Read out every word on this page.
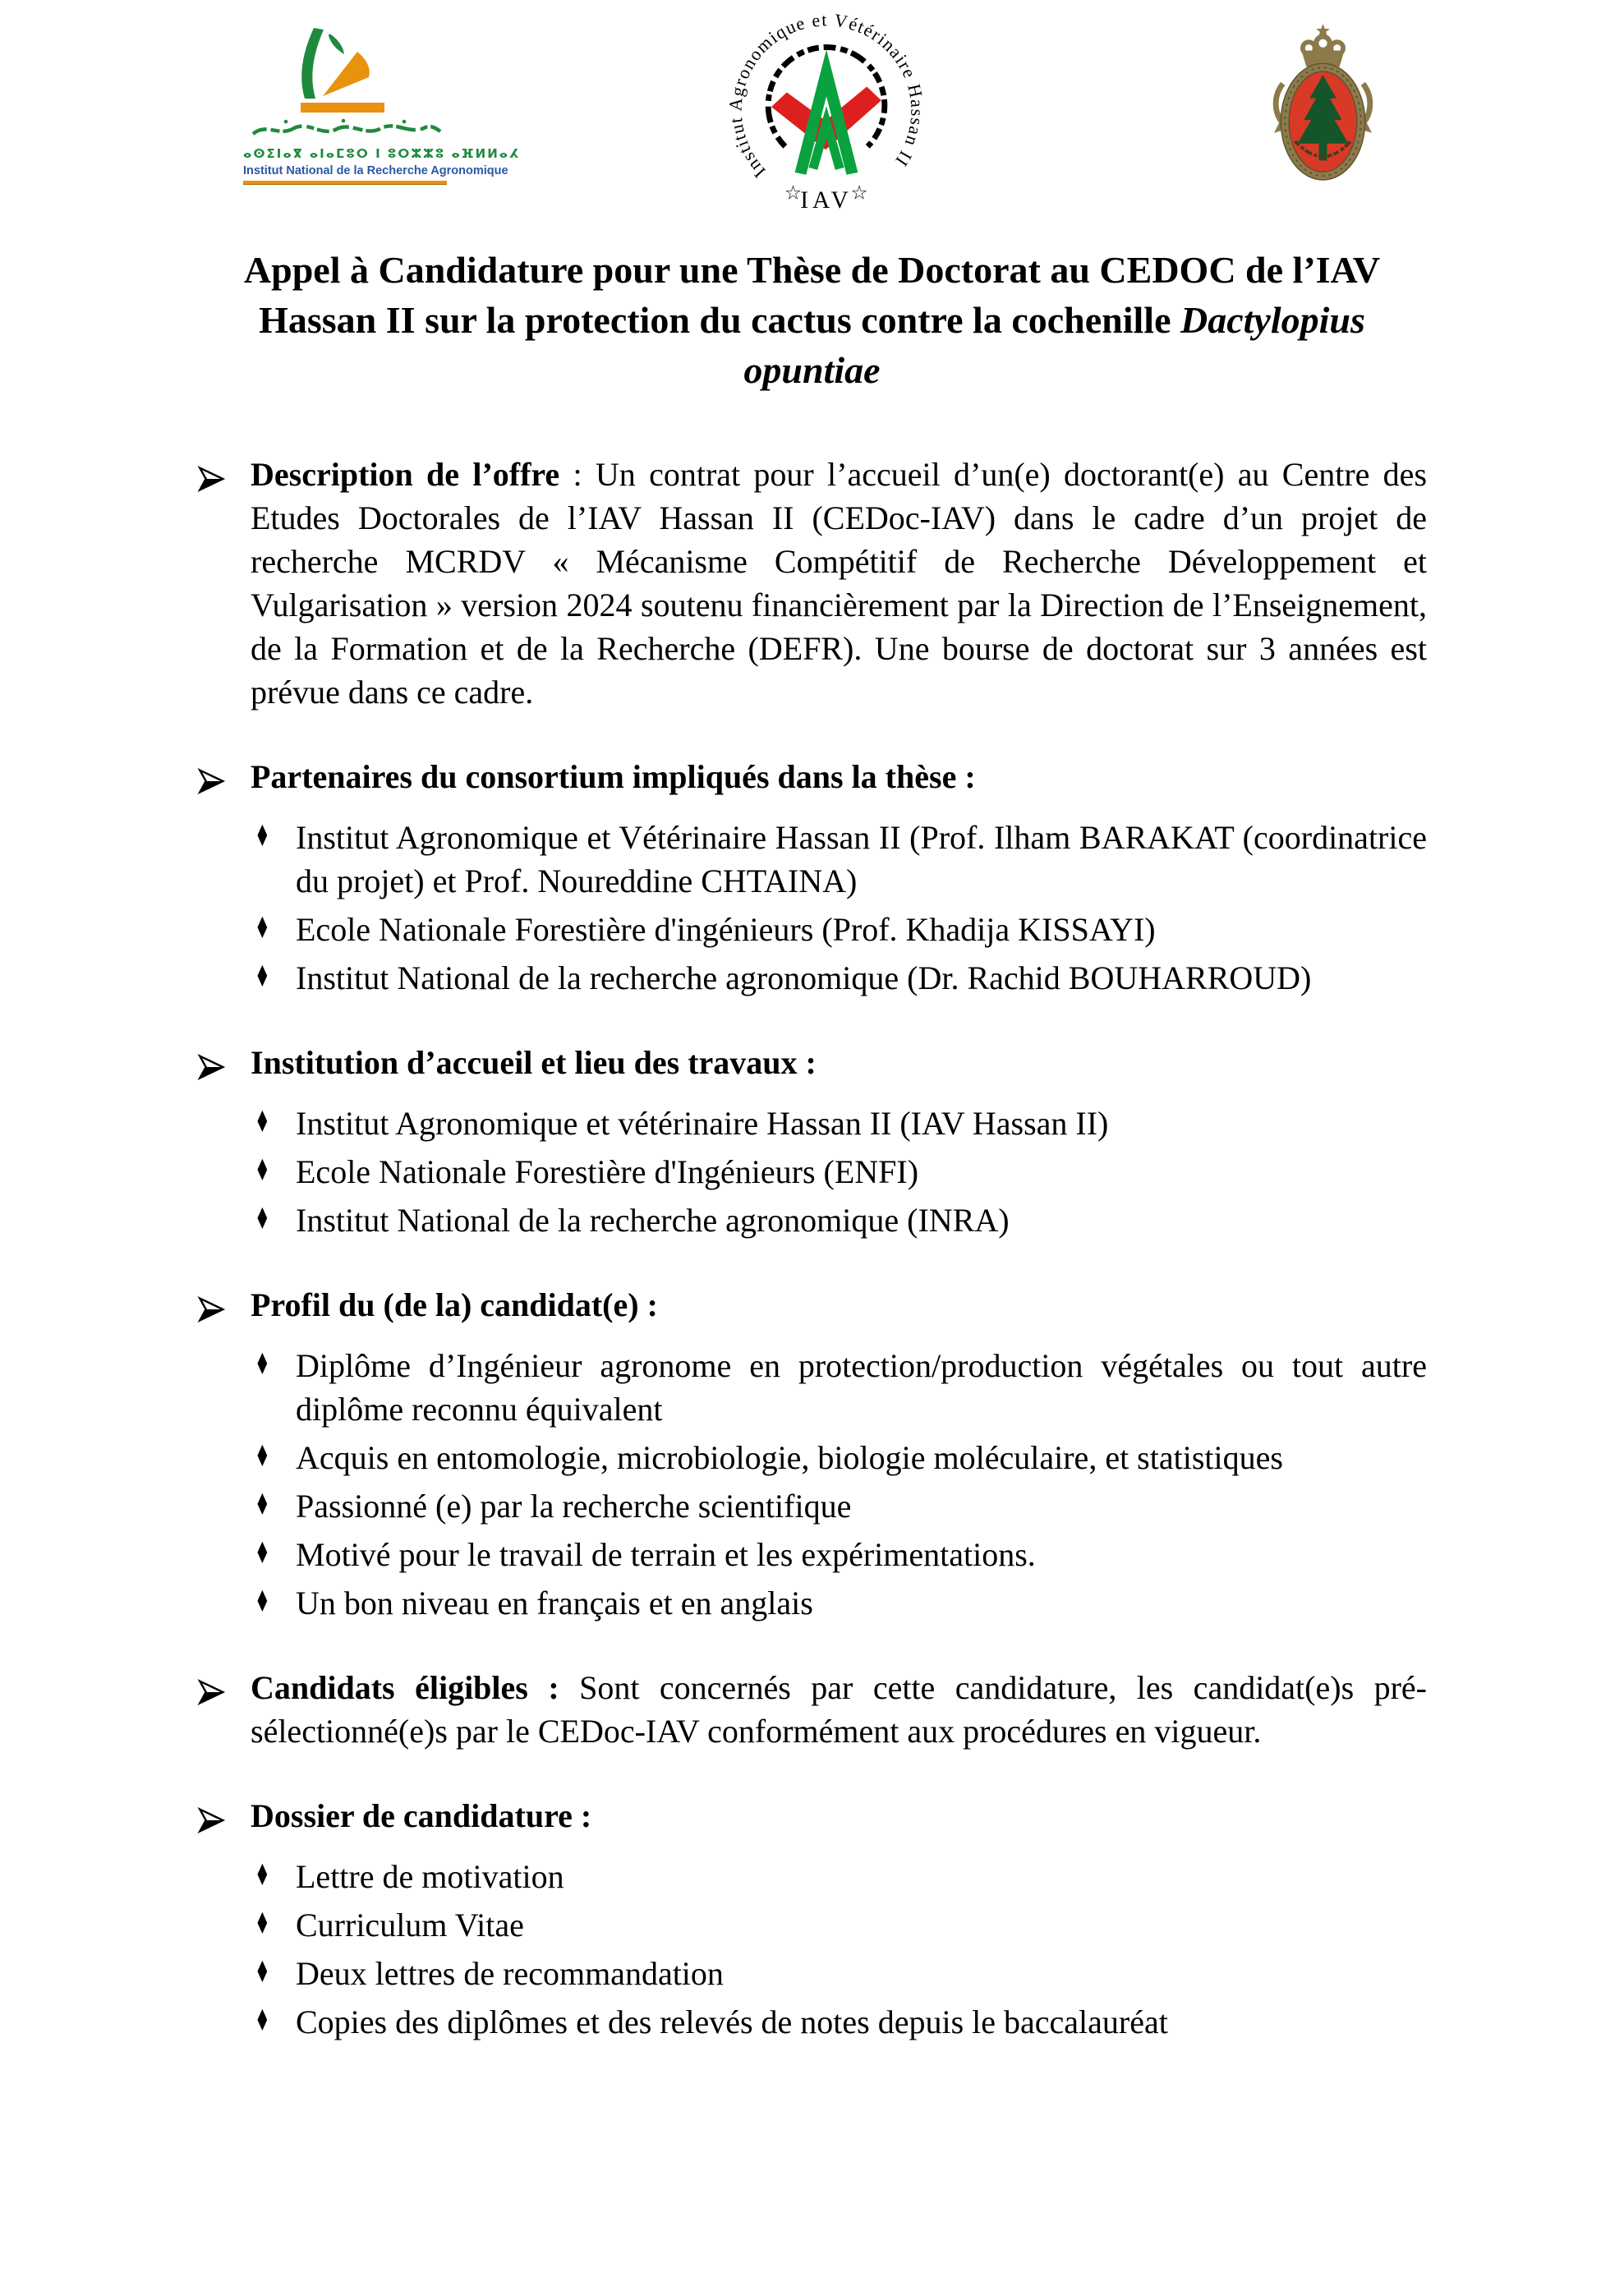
ⴰⵙⵉⵏⴰⴳ ⴰⵏⴰⵎⵓⵔ ⵏ ⵓⵔⵣⵣⵓ ⴰⴼⵍⵍⴰⵃ
Institut National de la Recherche Agronomique	Institut Agronomique et Vétérinaire Hassan II
☆ ☆
IAV
Appel à Candidature pour une Thèse de Doctorat au CEDOC de l’IAV
Hassan II sur la protection du cactus contre la cochenille Dactylopius
opuntiae

Description de l’offre : Un contrat pour l’accueil d’un(e) doctorant(e) au Centre des Etudes Doctorales de l’IAV Hassan II (CEDoc-IAV) dans le cadre d’un projet de recherche MCRDV « Mécanisme Compétitif de Recherche Développement et Vulgarisation » version 2024 soutenu financièrement par la Direction de l’Enseignement, de la Formation et de la Recherche (DEFR). Une bourse de doctorat sur 3 années est prévue dans ce cadre.

Partenaires du consortium impliqués dans la thèse :

♦ Institut Agronomique et Vétérinaire Hassan II (Prof. Ilham BARAKAT (coordinatrice du projet) et Prof. Noureddine CHTAINA)
♦ Ecole Nationale Forestière d'ingénieurs (Prof. Khadija KISSAYI)
♦ Institut National de la recherche agronomique (Dr. Rachid BOUHARROUD)

Institution d’accueil et lieu des travaux :

♦ Institut Agronomique et vétérinaire Hassan II (IAV Hassan II)
♦ Ecole Nationale Forestière d'Ingénieurs (ENFI)
♦ Institut National de la recherche agronomique (INRA)

Profil du (de la) candidat(e) :

♦ Diplôme d’Ingénieur agronome en protection/production végétales ou tout autre diplôme reconnu équivalent
♦ Acquis en entomologie, microbiologie, biologie moléculaire, et statistiques
♦ Passionné (e) par la recherche scientifique
♦ Motivé pour le travail de terrain et les expérimentations.
♦ Un bon niveau en français et en anglais

Candidats éligibles : Sont concernés par cette candidature, les candidat(e)s pré-sélectionné(e)s par le CEDoc-IAV conformément aux procédures en vigueur.

Dossier de candidature :

♦ Lettre de motivation
♦ Curriculum Vitae
♦ Deux lettres de recommandation
♦ Copies des diplômes et des relevés de notes depuis le baccalauréat
